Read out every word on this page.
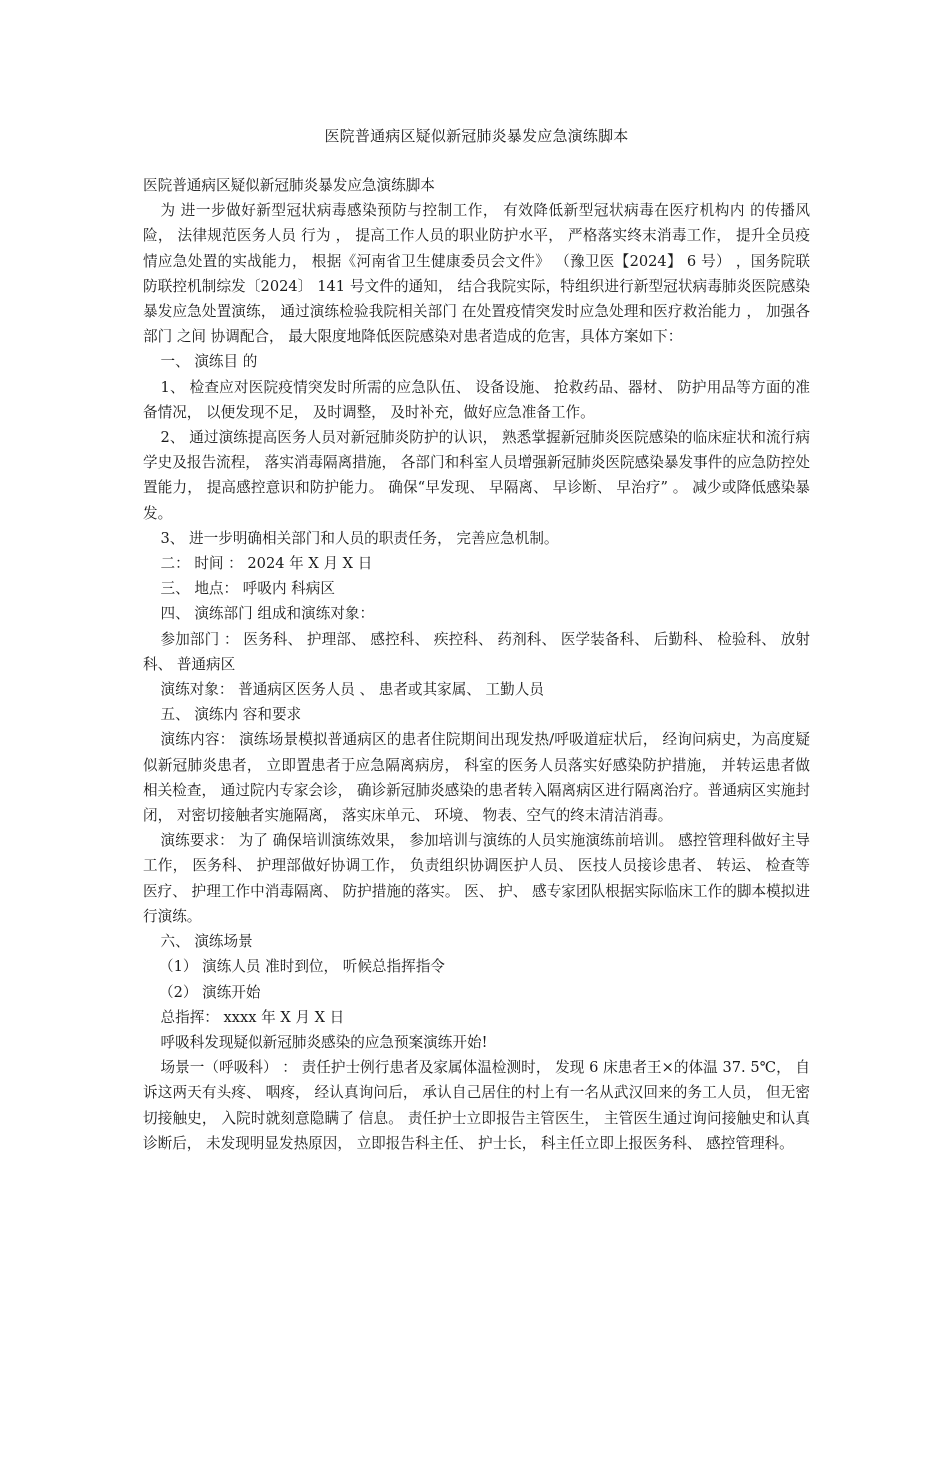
医院普通病区疑似新冠肺炎暴发应急演练脚本

医院普通病区疑似新冠肺炎暴发应急演练脚本

为 进一步做好新型冠状病毒感染预防与控制工作， 有效降低新型冠状病毒在医疗机构内 的传播风险， 法律规范医务人员 行为 ， 提高工作人员的职业防护水平， 严格落实终末消毒工作， 提升全员疫情应急处置的实战能力， 根据《河南省卫生健康委员会文件》 （豫卫医【2024】 6 号） ，国务院联防联控机制综发〔2024〕 141 号文件的通知， 结合我院实际，特组织进行新型冠状病毒肺炎医院感染暴发应急处置演练， 通过演练检验我院相关部门 在处置疫情突发时应急处理和医疗救治能力 ， 加强各部门 之间 协调配合， 最大限度地降低医院感染对患者造成的危害，具体方案如下：

一、 演练目 的

1、 检查应对医院疫情突发时所需的应急队伍、 设备设施、 抢救药品、器材、 防护用品等方面的准备情况， 以便发现不足， 及时调整， 及时补充，做好应急准备工作。

2、 通过演练提高医务人员对新冠肺炎防护的认识， 熟悉掌握新冠肺炎医院感染的临床症状和流行病学史及报告流程， 落实消毒隔离措施， 各部门和科室人员增强新冠肺炎医院感染暴发事件的应急防控处置能力， 提高感控意识和防护能力。 确保“早发现、 早隔离、 早诊断、 早治疗” 。 减少或降低感染暴发。

3、 进一步明确相关部门和人员的职责任务， 完善应急机制。

二： 时间 ： 2024 年 X 月 X 日

三、 地点： 呼吸内 科病区

四、 演练部门 组成和演练对象：

参加部门 ： 医务科、 护理部、 感控科、 疾控科、 药剂科、 医学装备科、 后勤科、 检验科、 放射科、 普通病区

演练对象： 普通病区医务人员 、 患者或其家属、 工勤人员

五、 演练内 容和要求

演练内容： 演练场景模拟普通病区的患者住院期间出现发热/呼吸道症状后， 经询问病史，为高度疑似新冠肺炎患者， 立即置患者于应急隔离病房， 科室的医务人员落实好感染防护措施， 并转运患者做相关检查， 通过院内专家会诊， 确诊新冠肺炎感染的患者转入隔离病区进行隔离治疗。普通病区实施封闭， 对密切接触者实施隔离， 落实床单元、 环境、 物表、空气的终末清洁消毒。

演练要求： 为了 确保培训演练效果， 参加培训与演练的人员实施演练前培训。 感控管理科做好主导工作， 医务科、 护理部做好协调工作， 负责组织协调医护人员、 医技人员接诊患者、 转运、 检查等医疗、 护理工作中消毒隔离、 防护措施的落实。 医、 护、 感专家团队根据实际临床工作的脚本模拟进行演练。

六、 演练场景

（1） 演练人员 准时到位， 听候总指挥指令

（2） 演练开始

总指挥： xxxx 年 X 月 X 日

呼吸科发现疑似新冠肺炎感染的应急预案演练开始!

场景一（呼吸科） ： 责任护士例行患者及家属体温检测时， 发现 6 床患者王×的体温 37. 5℃， 自诉这两天有头疼、 咽疼， 经认真询问后， 承认自己居住的村上有一名从武汉回来的务工人员， 但无密切接触史， 入院时就刻意隐瞒了 信息。 责任护士立即报告主管医生， 主管医生通过询问接触史和认真诊断后， 未发现明显发热原因， 立即报告科主任、 护士长， 科主任立即上报医务科、 感控管理科。
